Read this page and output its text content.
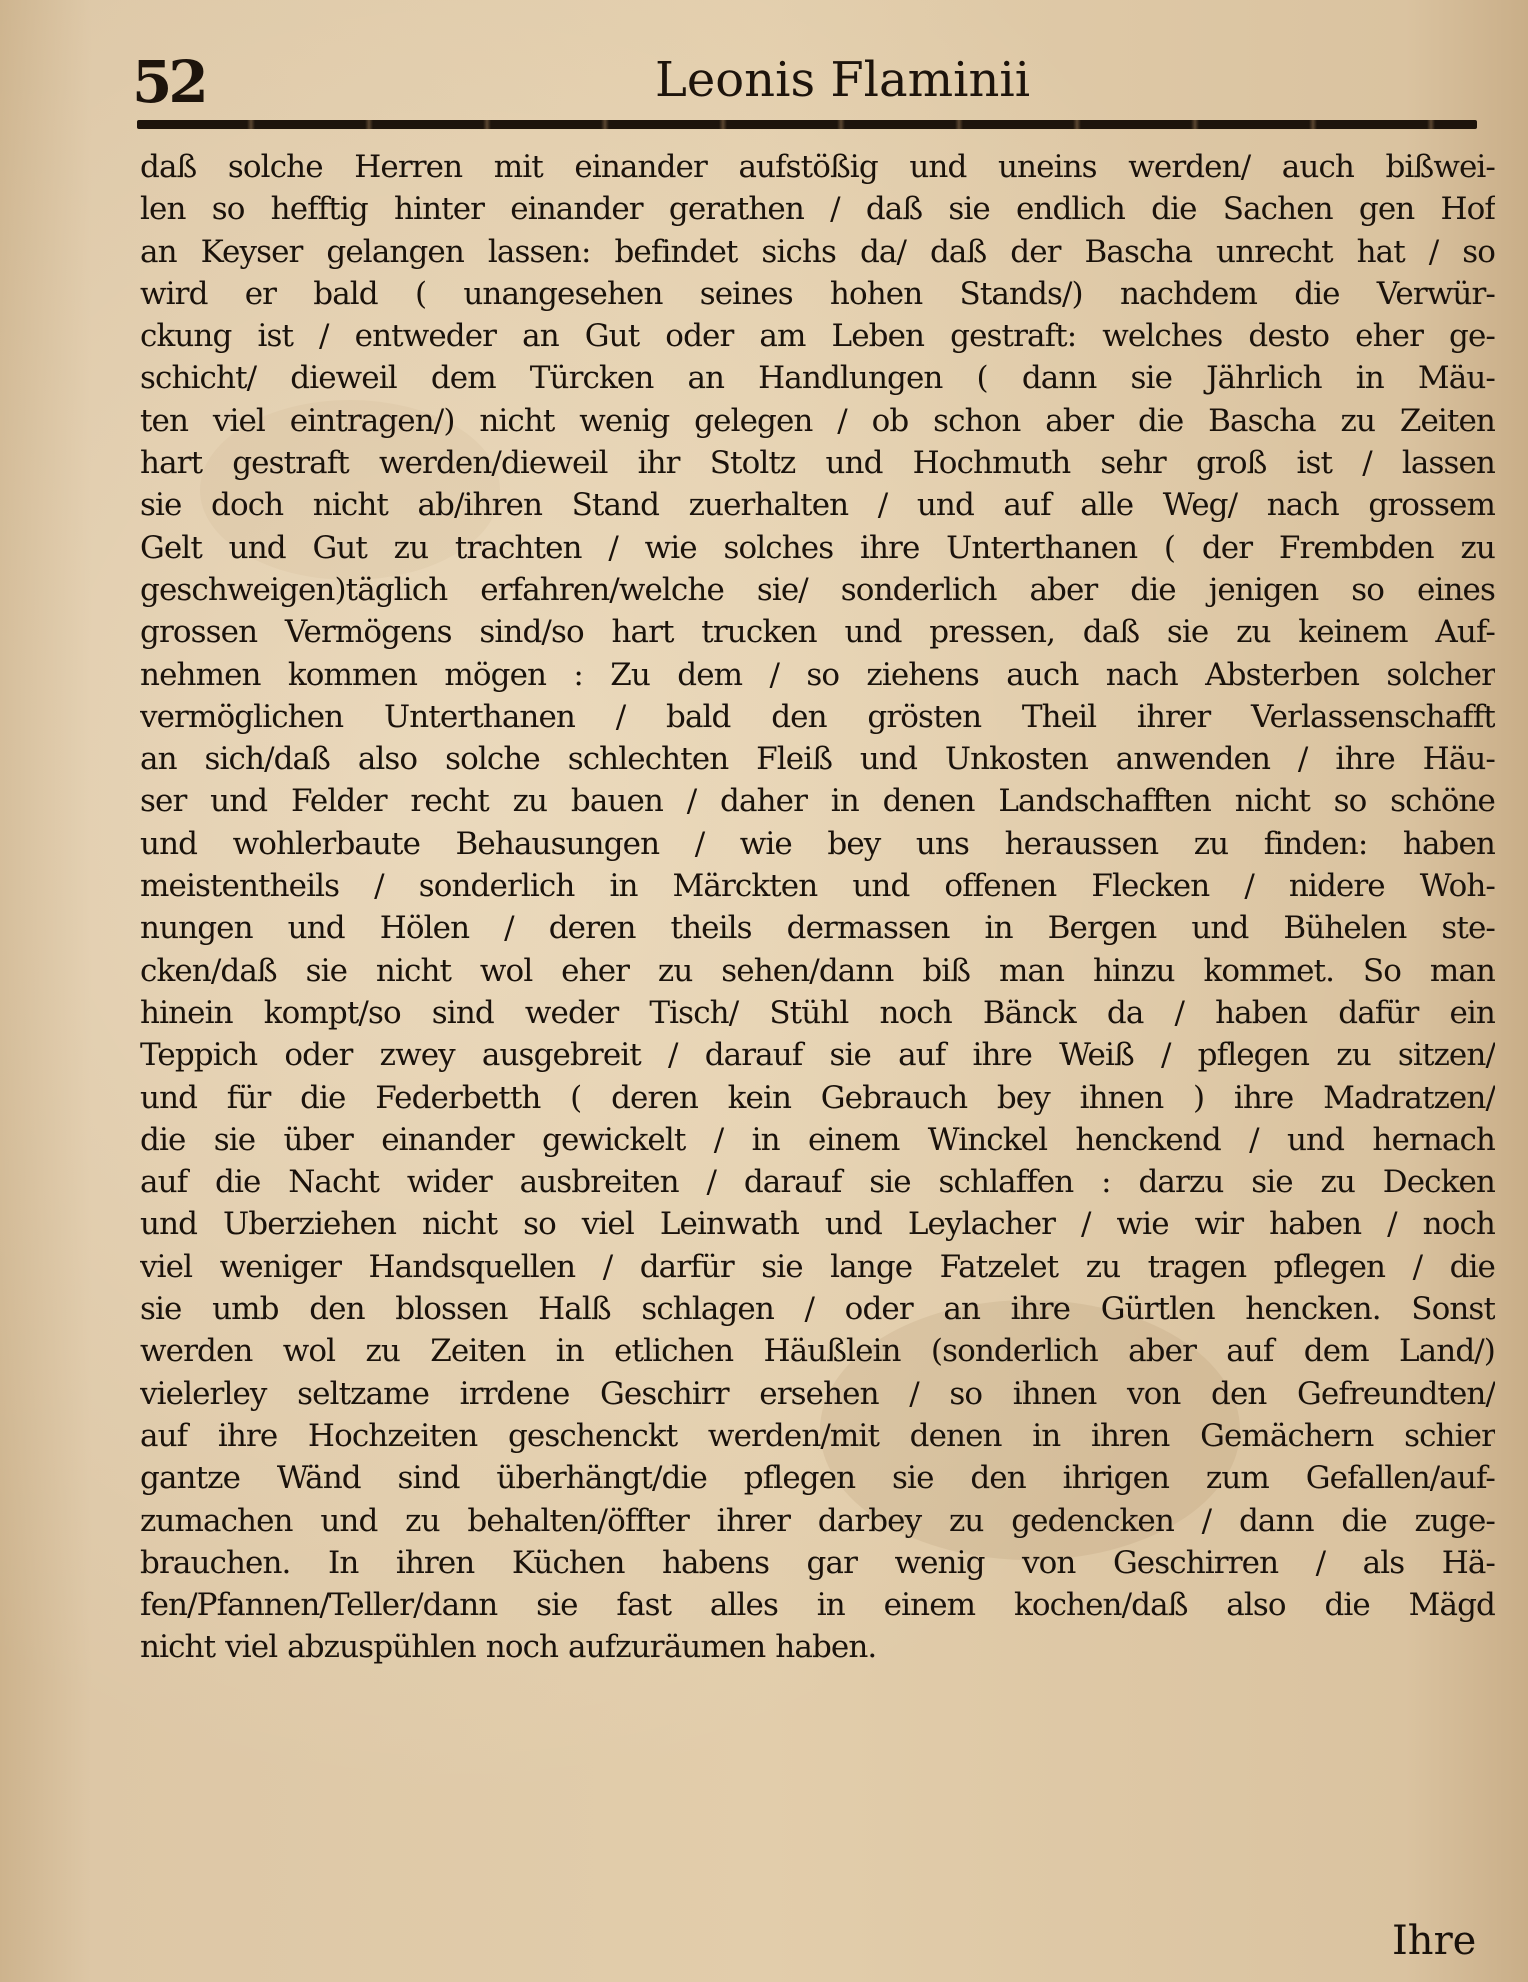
52	Leonis Flaminii
daß solche Herren mit einander aufstößig und uneins werden/ auch bißwei-
len so hefftig hinter einander gerathen / daß sie endlich die Sachen gen Hof
an Keyser gelangen lassen: befindet sichs da/ daß der Bascha unrecht hat / so
wird er bald ( unangesehen seines hohen Stands/) nachdem die Verwür-
ckung ist / entweder an Gut oder am Leben gestraft: welches desto eher ge-
schicht/ dieweil dem Türcken an Handlungen ( dann sie Jährlich in Mäu-
ten viel eintragen/) nicht wenig gelegen / ob schon aber die Bascha zu Zeiten
hart gestraft werden/dieweil ihr Stoltz und Hochmuth sehr groß ist / lassen
sie doch nicht ab/ihren Stand zuerhalten / und auf alle Weg/ nach grossem
Gelt und Gut zu trachten / wie solches ihre Unterthanen ( der Frembden zu
geschweigen)täglich erfahren/welche sie/ sonderlich aber die jenigen so eines
grossen Vermögens sind/so hart trucken und pressen, daß sie zu keinem Auf-
nehmen kommen mögen : Zu dem / so ziehens auch nach Absterben solcher
vermöglichen Unterthanen / bald den grösten Theil ihrer Verlassenschafft
an sich/daß also solche schlechten Fleiß und Unkosten anwenden / ihre Häu-
ser und Felder recht zu bauen / daher in denen Landschafften nicht so schöne
und wohlerbaute Behausungen / wie bey uns heraussen zu finden: haben
meistentheils / sonderlich in Märckten und offenen Flecken / nidere Woh-
nungen und Hölen / deren theils dermassen in Bergen und Bühelen ste-
cken/daß sie nicht wol eher zu sehen/dann biß man hinzu kommet. So man
hinein kompt/so sind weder Tisch/ Stühl noch Bänck da / haben dafür ein
Teppich oder zwey ausgebreit / darauf sie auf ihre Weiß / pflegen zu sitzen/
und für die Federbetth ( deren kein Gebrauch bey ihnen ) ihre Madratzen/
die sie über einander gewickelt / in einem Winckel henckend / und hernach
auf die Nacht wider ausbreiten / darauf sie schlaffen : darzu sie zu Decken
und Uberziehen nicht so viel Leinwath und Leylacher / wie wir haben / noch
viel weniger Handsquellen / darfür sie lange Fatzelet zu tragen pflegen / die
sie umb den blossen Halß schlagen / oder an ihre Gürtlen hencken. Sonst
werden wol zu Zeiten in etlichen Häußlein (sonderlich aber auf dem Land/)
vielerley seltzame irrdene Geschirr ersehen / so ihnen von den Gefreundten/
auf ihre Hochzeiten geschenckt werden/mit denen in ihren Gemächern schier
gantze Wänd sind überhängt/die pflegen sie den ihrigen zum Gefallen/auf-
zumachen und zu behalten/öffter ihrer darbey zu gedencken / dann die zuge-
brauchen. In ihren Küchen habens gar wenig von Geschirren / als Hä-
fen/Pfannen/Teller/dann sie fast alles in einem kochen/daß also die Mägd
nicht viel abzuspühlen noch aufzuräumen haben.
Ihre
